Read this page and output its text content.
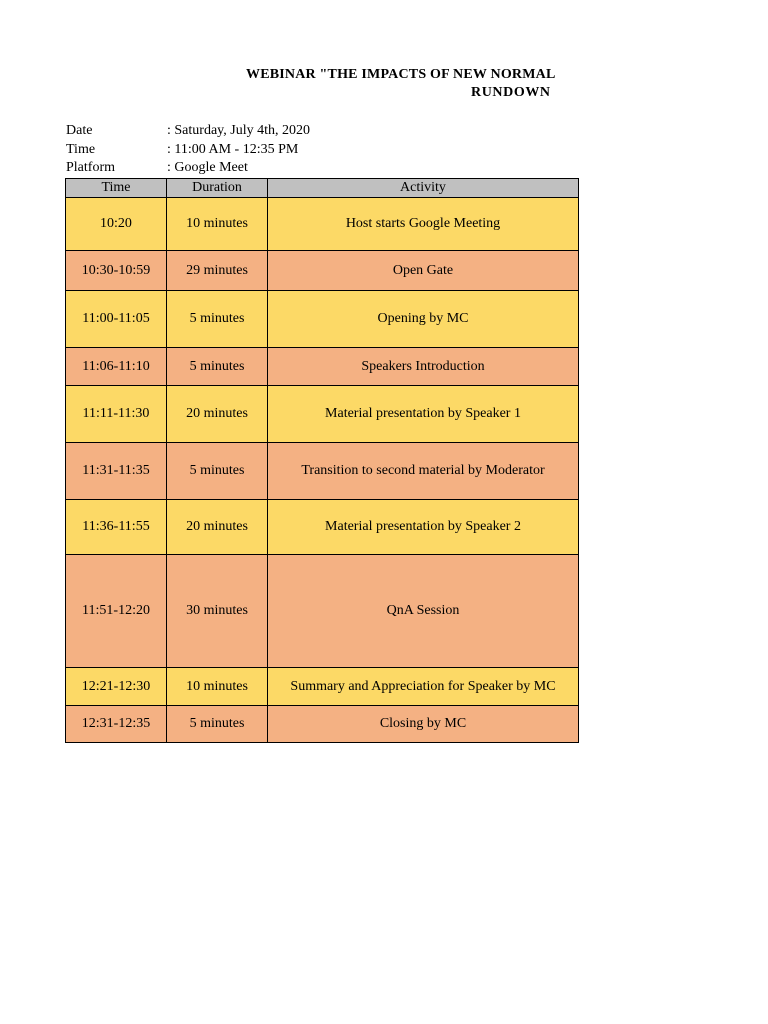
WEBINAR "THE IMPACTS OF NEW NORMAL
RUNDOWN
Date	: Saturday, July 4th, 2020
Time	: 11:00 AM - 12:35 PM
Platform	: Google Meet
Time	Duration	Activity
10:20	10 minutes	Host starts Google Meeting
10:30-10:59	29 minutes	Open Gate
11:00-11:05	5 minutes	Opening by MC
11:06-11:10	5 minutes	Speakers Introduction
11:11-11:30	20 minutes	Material presentation by Speaker 1
11:31-11:35	5 minutes	Transition to second material by Moderator
11:36-11:55	20 minutes	Material presentation by Speaker 2
11:51-12:20	30 minutes	QnA Session
12:21-12:30	10 minutes	Summary and Appreciation for Speaker by MC
12:31-12:35	5 minutes	Closing by MC
